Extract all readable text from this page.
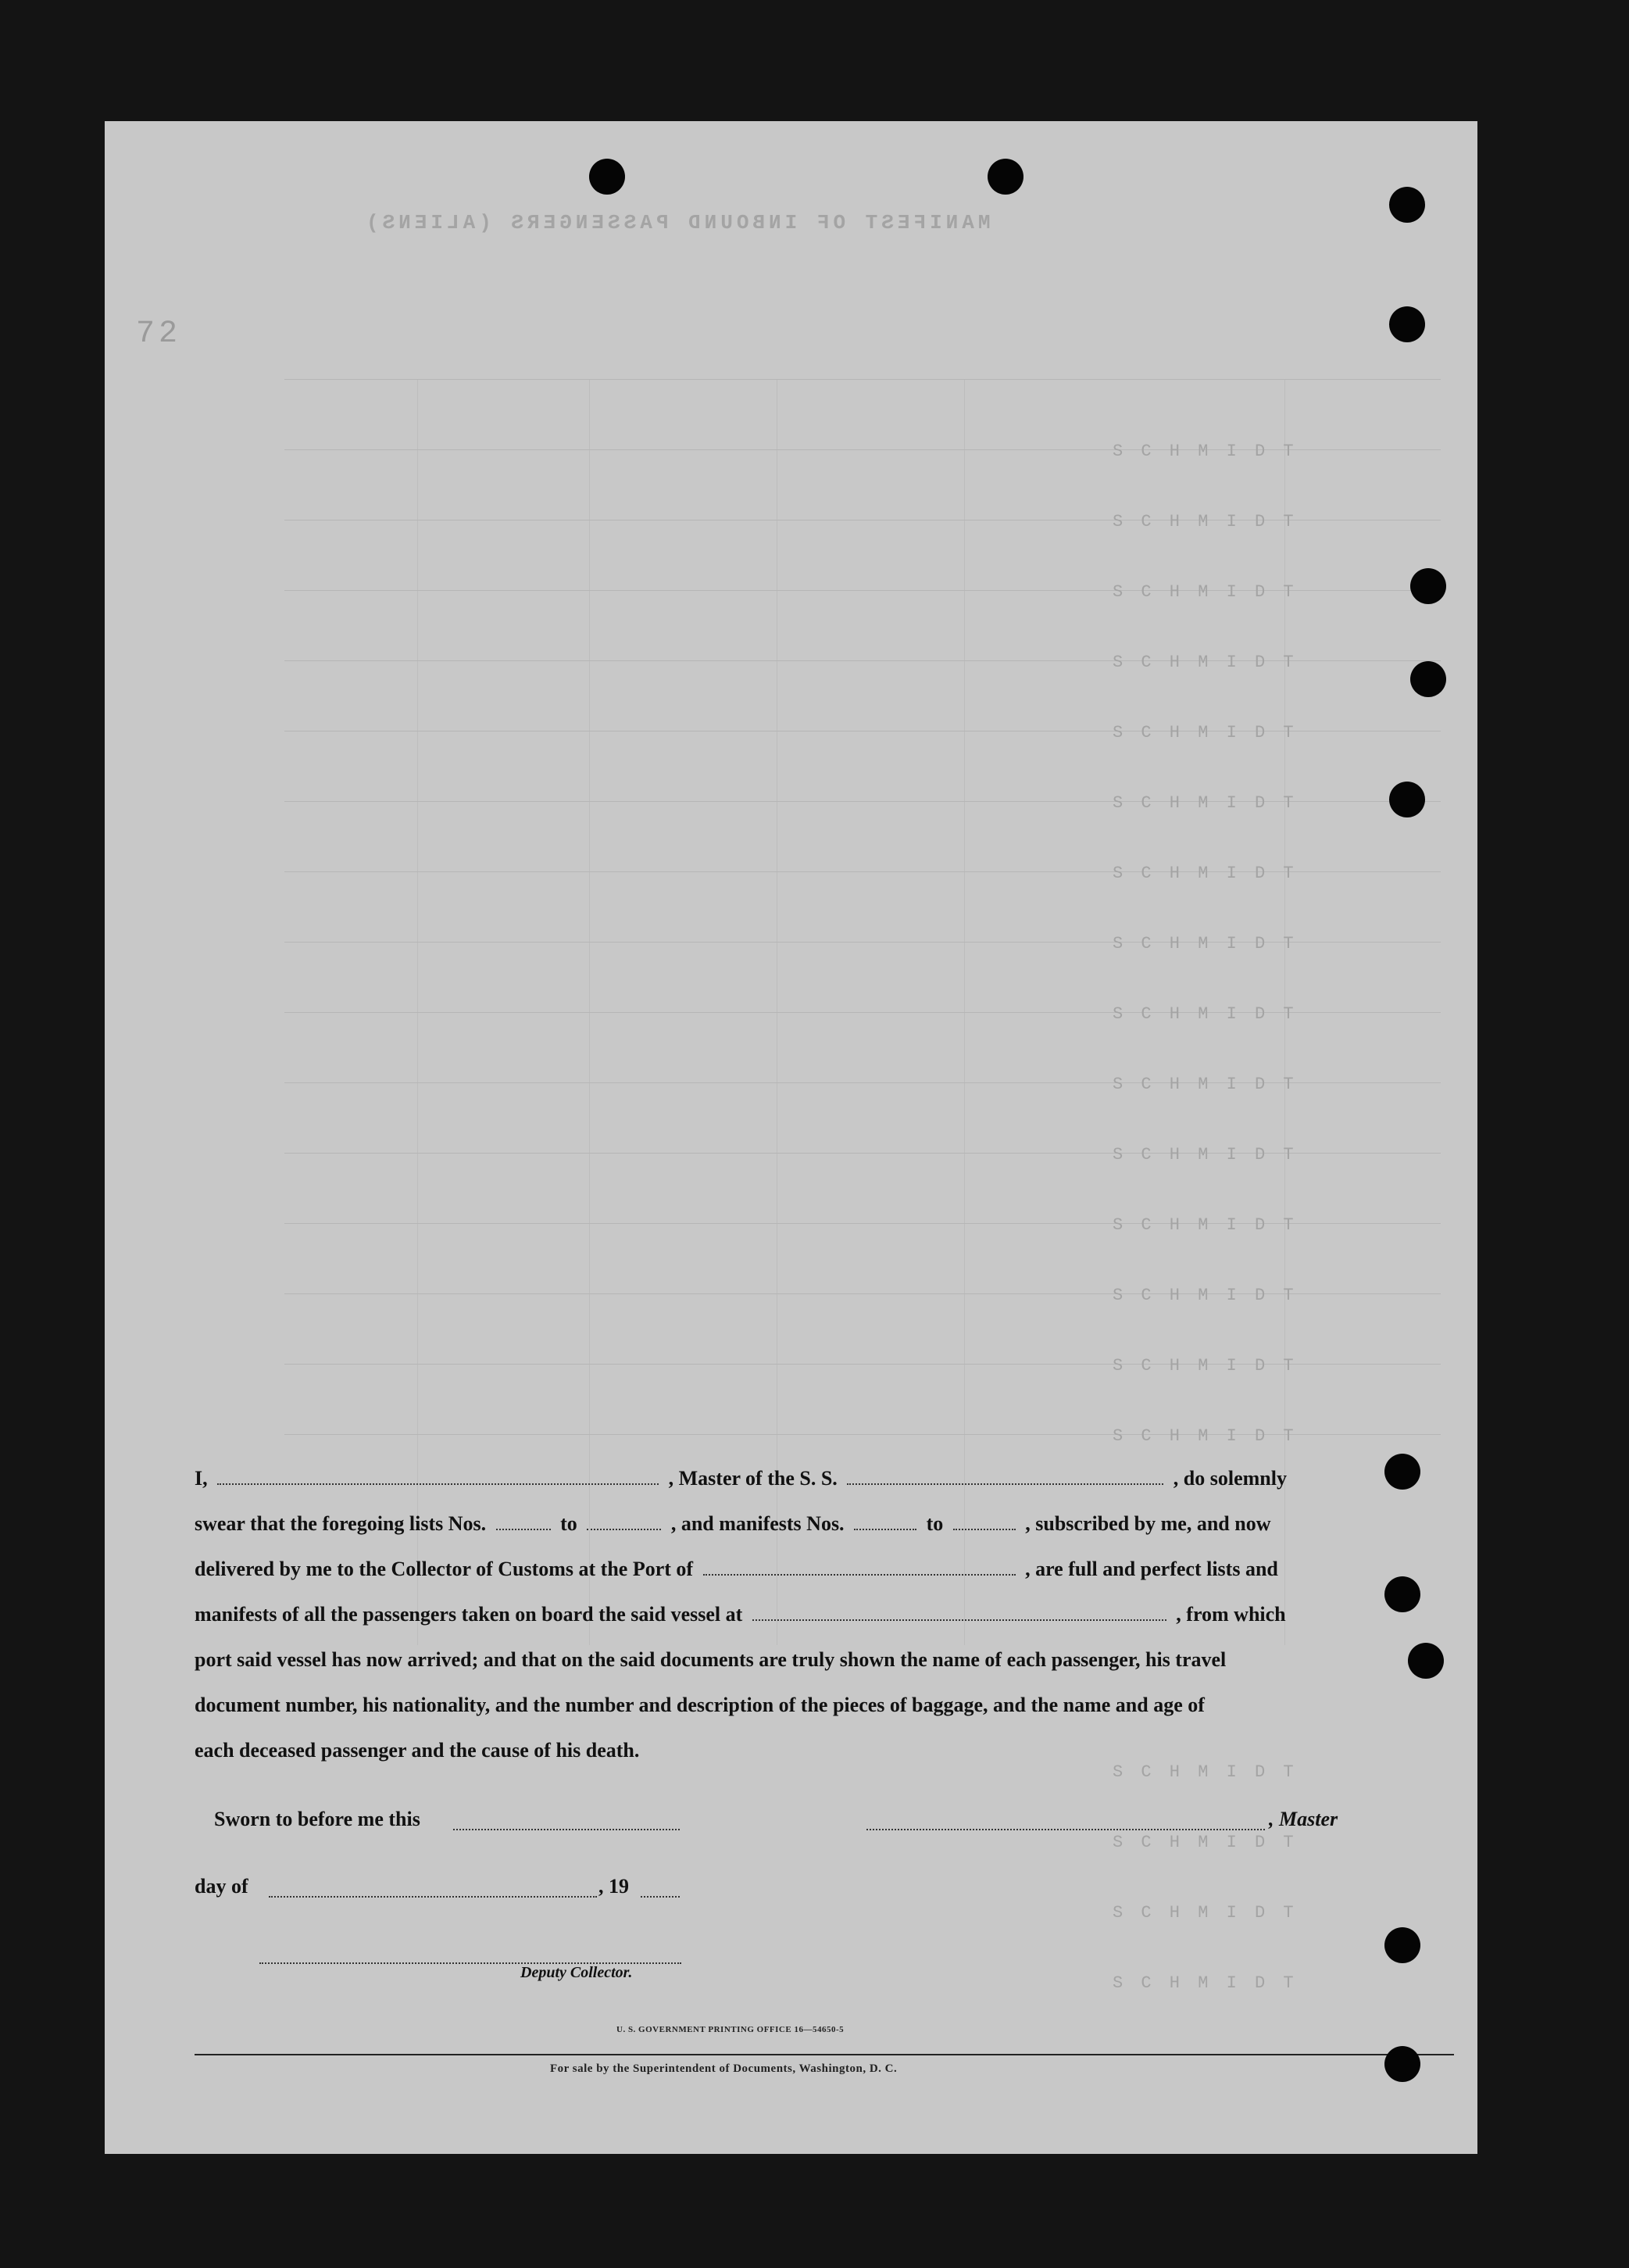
MANIFEST OF INBOUND PASSENGERS (ALIENS)
72
S C H M I D T
S C H M I D T
S C H M I D T
S C H M I D T
S C H M I D T
S C H M I D T
S C H M I D T
S C H M I D T
S C H M I D T
S C H M I D T
S C H M I D T
S C H M I D T
S C H M I D T
S C H M I D T
S C H M I D T
S C H M I D T
S C H M I D T
S C H M I D T
S C H M I D T
I,	, Master of the S. S.	, do solemnly
swear that the foregoing lists Nos.	to	, and manifests Nos.	to	, subscribed by me, and now
delivered by me to the Collector of Customs at the Port of	, are full and perfect lists and
manifests of all the passengers taken on board the said vessel at	, from which
port said vessel has now arrived; and that on the said documents are truly shown the name of each passenger, his travel
document number, his nationality, and the number and description of the pieces of baggage, and the name and age of
each deceased passenger and the cause of his death.
Sworn to before me this	, Master
day of	, 19
Deputy Collector.
U. S. GOVERNMENT PRINTING OFFICE 16—54650-5
For sale by the Superintendent of Documents, Washington, D. C.
